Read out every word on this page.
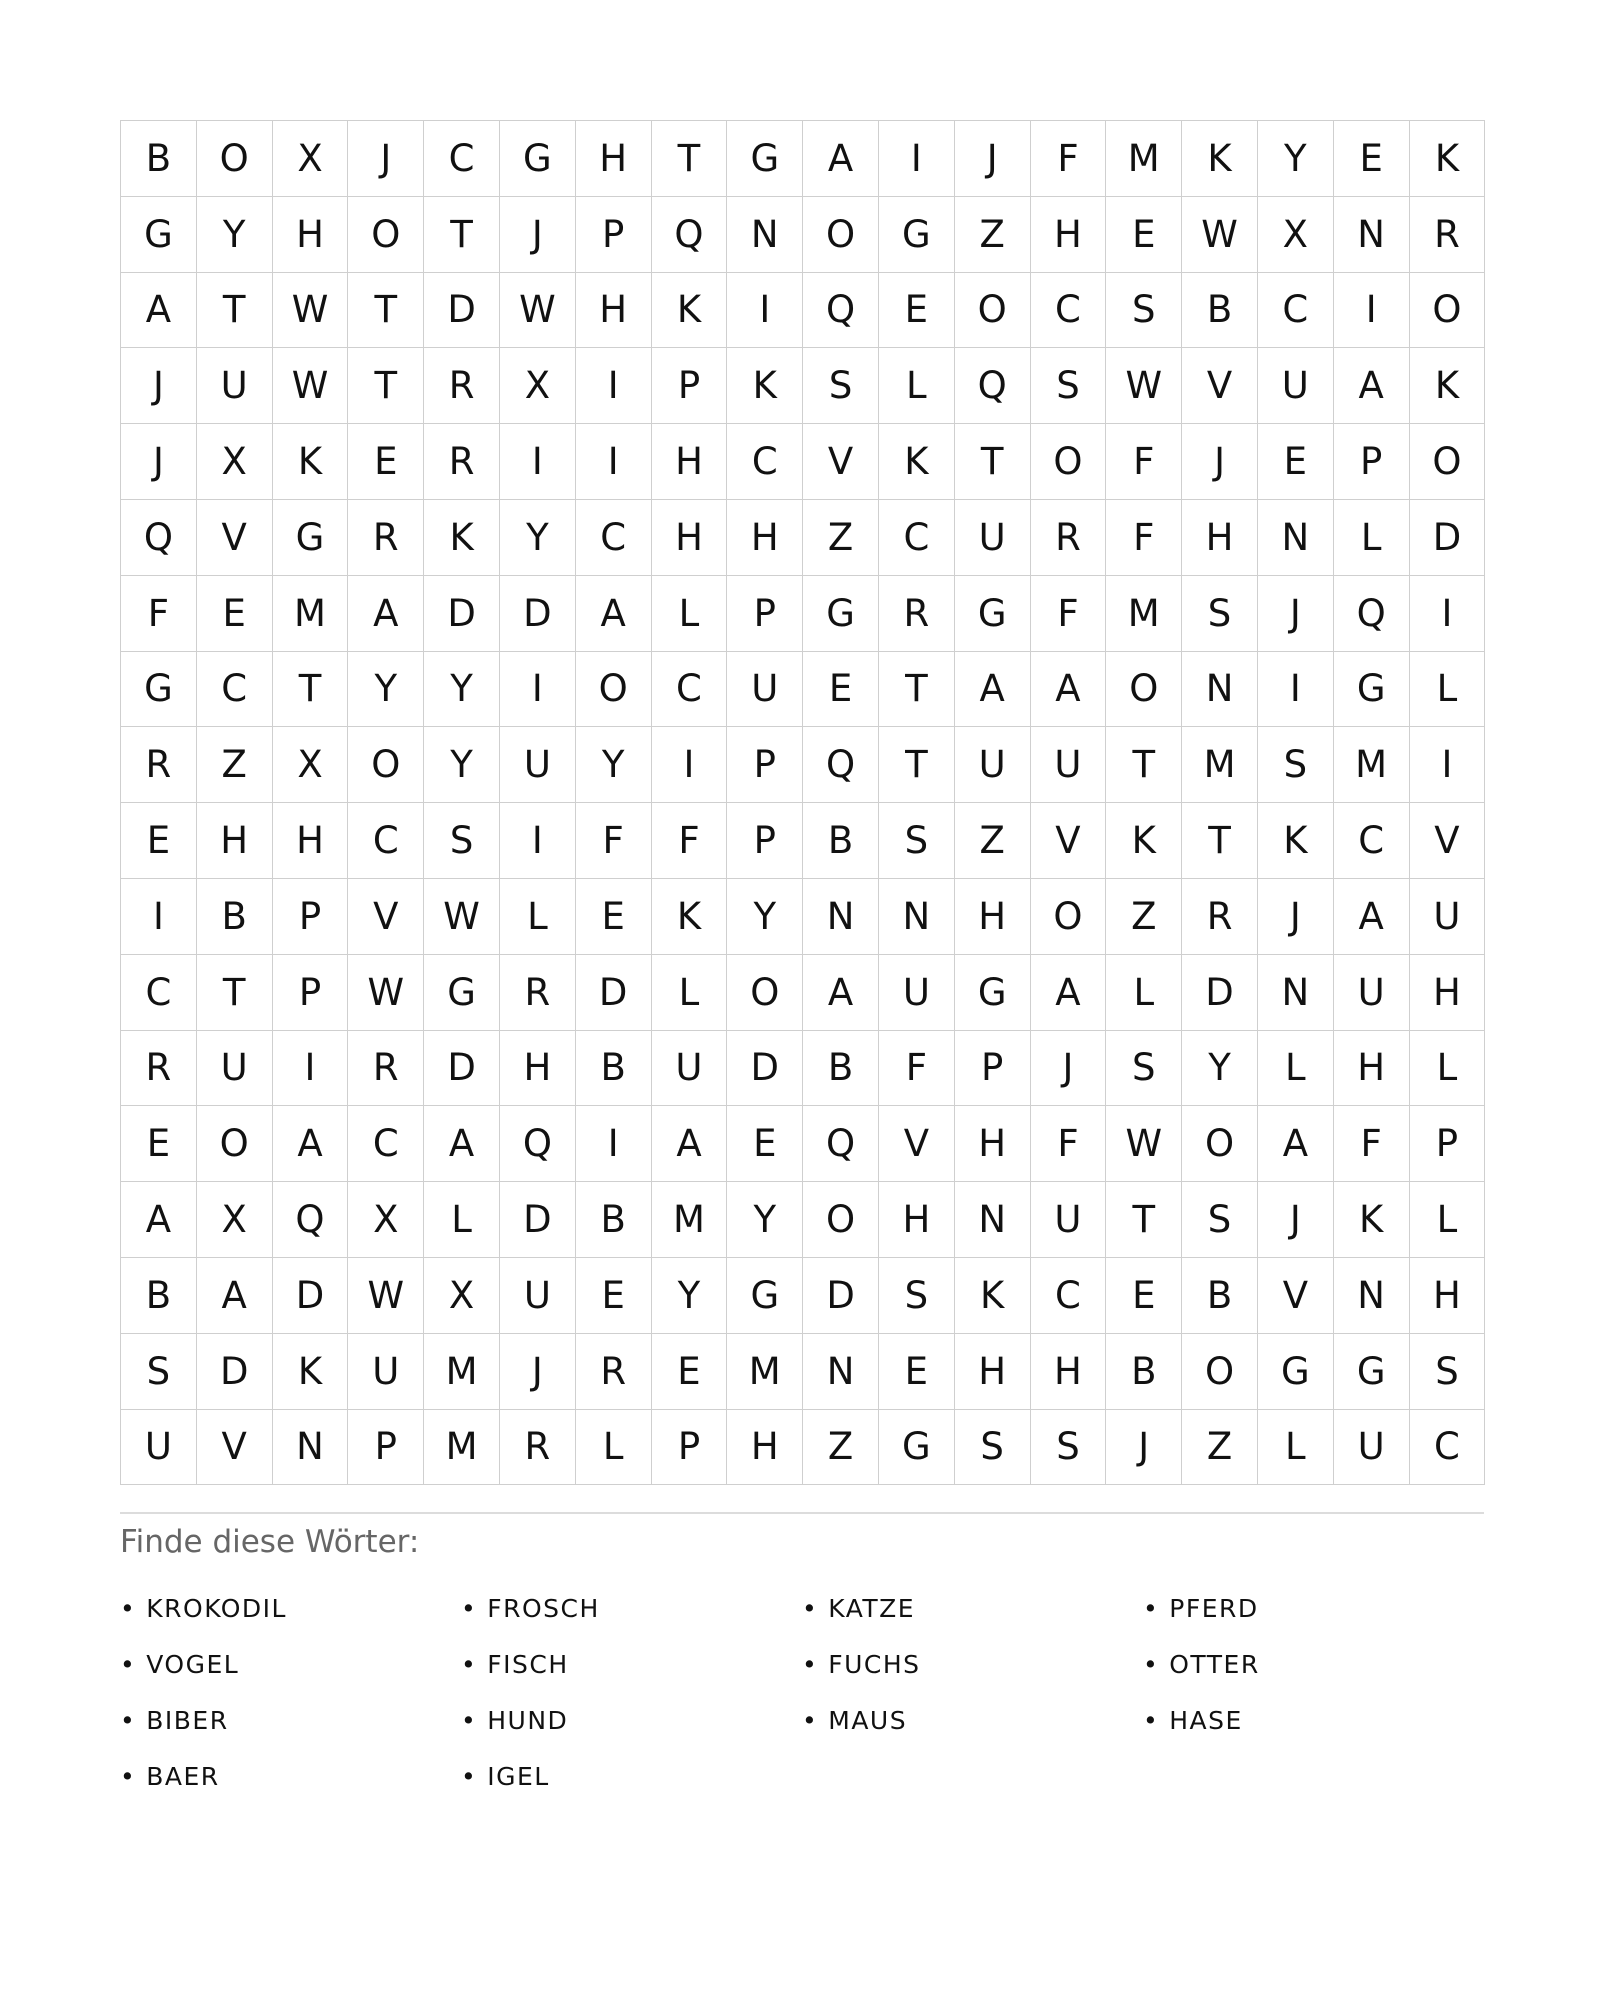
B	O	X	J	C	G	H	T	G	A	I	J	F	M	K	Y	E	K
G	Y	H	O	T	J	P	Q	N	O	G	Z	H	E	W	X	N	R
A	T	W	T	D	W	H	K	I	Q	E	O	C	S	B	C	I	O
J	U	W	T	R	X	I	P	K	S	L	Q	S	W	V	U	A	K
J	X	K	E	R	I	I	H	C	V	K	T	O	F	J	E	P	O
Q	V	G	R	K	Y	C	H	H	Z	C	U	R	F	H	N	L	D
F	E	M	A	D	D	A	L	P	G	R	G	F	M	S	J	Q	I
G	C	T	Y	Y	I	O	C	U	E	T	A	A	O	N	I	G	L
R	Z	X	O	Y	U	Y	I	P	Q	T	U	U	T	M	S	M	I
E	H	H	C	S	I	F	F	P	B	S	Z	V	K	T	K	C	V
I	B	P	V	W	L	E	K	Y	N	N	H	O	Z	R	J	A	U
C	T	P	W	G	R	D	L	O	A	U	G	A	L	D	N	U	H
R	U	I	R	D	H	B	U	D	B	F	P	J	S	Y	L	H	L
E	O	A	C	A	Q	I	A	E	Q	V	H	F	W	O	A	F	P
A	X	Q	X	L	D	B	M	Y	O	H	N	U	T	S	J	K	L
B	A	D	W	X	U	E	Y	G	D	S	K	C	E	B	V	N	H
S	D	K	U	M	J	R	E	M	N	E	H	H	B	O	G	G	S
U	V	N	P	M	R	L	P	H	Z	G	S	S	J	Z	L	U	C
Finde diese Wörter:
• KROKODIL	• FROSCH	• KATZE	• PFERD
• VOGEL	• FISCH	• FUCHS	• OTTER
• BIBER	• HUND	• MAUS	• HASE
• BAER	• IGEL
